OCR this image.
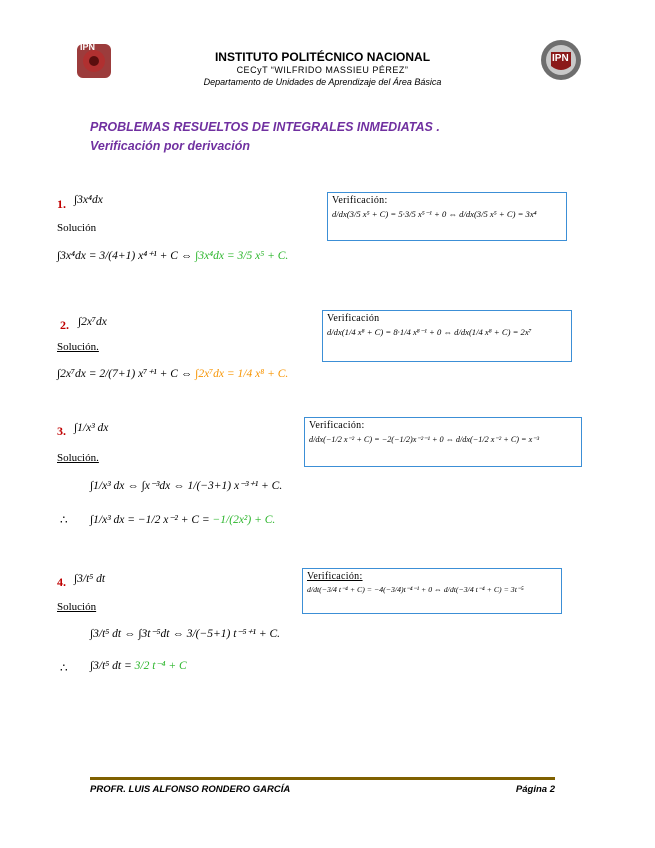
IPN
IPN
INSTITUTO POLITÉCNICO NACIONAL
CECyT “WILFRIDO MASSIEU PÉREZ”
Departamento de Unidades de Aprendizaje del Área Básica
PROBLEMAS RESUELTOS DE INTEGRALES INMEDIATAS .
Verificación por derivación
1. ∫3x⁴dx
Solución
∫3x⁴dx = 3/(4+1) x⁴⁺¹ + C ⇔ ∫3x⁴dx = 3/5 x⁵ + C.
Verificación:
d/dx(3/5 x⁵ + C) = 5·3/5 x⁵⁻¹ + 0 ⇔ d/dx(3/5 x⁵ + C) = 3x⁴
2. ∫2x⁷dx
Solución.
∫2x⁷dx = 2/(7+1) x⁷⁺¹ + C ⇔ ∫2x⁷dx = 1/4 x⁸ + C.
Verificación
d/dx(1/4 x⁸ + C) = 8·1/4 x⁸⁻¹ + 0 ⇔ d/dx(1/4 x⁸ + C) = 2x⁷
3. ∫1/x³ dx
Solución.
∫1/x³ dx ⇔ ∫x⁻³dx ⇔ 1/(−3+1) x⁻³⁺¹ + C.
∴ ∫1/x³ dx = −1/2 x⁻² + C = −1/(2x²) + C.
Verificación:
d/dx(−1/2 x⁻² + C) = −2(−1/2)x⁻²⁻¹ + 0 ⇔ d/dx(−1/2 x⁻² + C) = x⁻³
4. ∫3/t⁵ dt
Solución
∫3/t⁵ dt ⇔ ∫3t⁻⁵dt ⇔ 3/(−5+1) t⁻⁵⁺¹ + C.
∴ ∫3/t⁵ dt = 3/2 t⁻⁴ + C
Verificación:
d/dt(−3/4 t⁻⁴ + C) = −4(−3/4)t⁻⁴⁻¹ + 0 ⇔ d/dt(−3/4 t⁻⁴ + C) = 3t⁻⁵
PROFR. LUIS ALFONSO RONDERO GARCÍA	Página 2
